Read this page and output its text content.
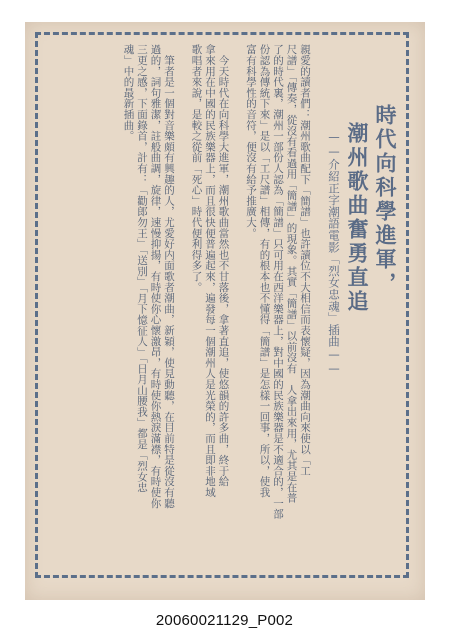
時代向科學進軍，
潮州歌曲奮勇直追
——介紹正字潮語電影「烈女忠魂」插曲——
親愛的讀者們：潮州歌曲配下「簡譜」也許讀位不大相信而表懷疑，因為潮曲向來使以「工
尺譜」「傳奏，從沒有看過用「簡譜」的現象。其實「簡譜」以前沒有　人拿出來用，尤其是在普
了的時代裏，潮州一部份人認為「簡譜」只可用在西洋樂器上，對中國的民族樂器是不適合的，一部
份認為傳統下來」是以「工尺譜」相傳，有的根本也不懂得「簡譜」是怎樣一回事，所以，使我
富有科學性的音符，便沒有給予推廣大。
　今天時代在向科學大進軍，潮州歌曲當然也不甘落後，拿著直追，使悠韻的許多曲，終于給
拿來用在中國的民族樂器上，而且很快便普遍起來，遍發每一個潮州人是光榮的，而且即非地域
歌唱者來說，是較之從前「死心」時代便利得多了。
　筆者是一個對音樂頗有興趣的人，尤愛好内面歌者潮曲，新穎，使見動聽，在目前特是從沒有聽
過的，詞句雅潔，註般曲調，旋律，速慢抑揚，有時使你心懷激昂，有時使你熱淚滿襟，有時使你
三更之感，下面錄首，計有：「勸郎勿王」「送別」「月下憶征人」「日月山腰我」都是「烈女忠
魂」中的最新插曲。
20060021129_P002
